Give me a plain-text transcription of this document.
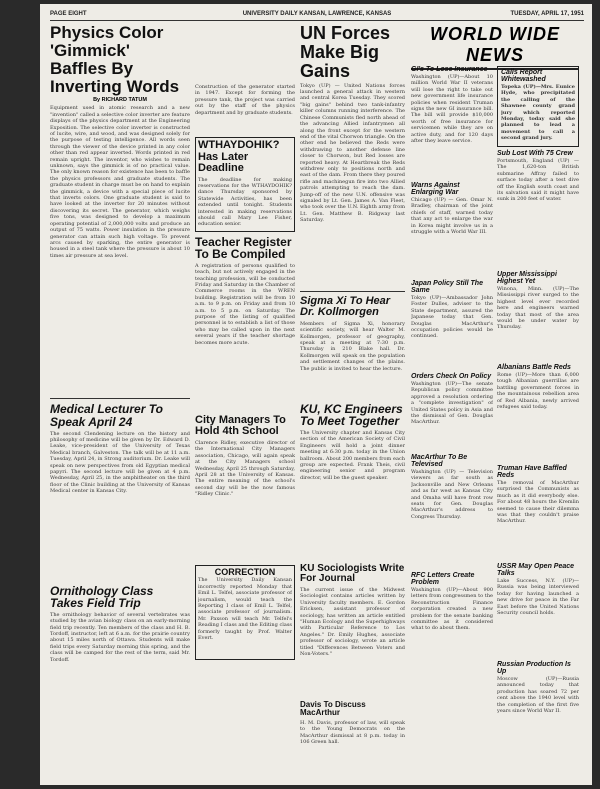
PAGE EIGHT	UNIVERSITY DAILY KANSAN, LAWRENCE, KANSAS	TUESDAY, APRIL 17, 1951
Physics Color 'Gimmick' Baffles By Inverting Words
By RICHARD TATUM
Equipment used in atomic research and a new "invention" called a selective color inverter are feature displays of the physics department at the Engineering Exposition. The selective color inverter is constructed of lucite, wire, and wood, and was designed solely for the purpose of testing intelligence. All words seen through the viewer of the device printed in any color other than red appear inverted. Words printed in red remain upright. The inventor, who wishes to remain unknown, says the gimmick is of no practical value. The only known reason for existence has been to baffle the physics professors and graduate students. The graduate student in charge must be on hand to explain the gimmick, a device with a special piece of lucite that inverts colors. One graduate student is said to have looked at the inverter for 20 minutes without discovering its secret. The generator, which weighs five tons, was designed to develop a maximum operating potential of 2,000,000 volts and produce an output of 75 watts. Power insulation in the pressure generator can attain such high voltage. To prevent arcs caused by sparking, the entire generator is housed in a steel tank where the pressure is about 10 times air pressure at sea level.
Medical Lecturer To Speak April 24
The second Clendening lecture on the history and philosophy of medicine will be given by Dr. Edward D. Leake, vice-president of the University of Texas Medical branch, Galveston. The talk will be at 11 a.m. Tuesday, April 24, in Strong auditorium. Dr. Leake will speak on new perspectives from old Egyptian medical papyri. The second lecture will be given at 4 p.m. Wednesday, April 25, in the amphitheater on the third floor of the Clinic building at the University of Kansas Medical center in Kansas City.
Ornithology Class Takes Field Trip
The ornithology behavior of several vertebrates was studied by the avian biology class on an early-morning field trip recently. Ten members of the class and H. B. Tordoff, instructor, left at 6 a.m. for the prairie country about 15 miles north of Ottawa. Students will make field trips every Saturday morning this spring, and the class will be camped for the rest of the term, said Mr. Tordoff.
Construction of the generator started in 1947. Except for forming the pressure tank, the project was carried out by the staff of the physics department and by graduate students.
WTHAYDOHIK? Has Later Deadline
The deadline for making reservations for the WTHAYDOHIK? dance Thursday sponsored by Statewide Activities, has been extended until tonight. Students interested in making reservations should call Mary Lee Fisher, education senior.
Teacher Register To Be Compiled
A registration of persons qualified to teach, but not actively engaged in the teaching profession, will be conducted Friday and Saturday in the Chamber of Commerce rooms in the WREN building. Registration will be from 10 a.m. to 9 p.m. on Friday and from 10 a.m. to 5 p.m. on Saturday. The purpose of the listing of qualified personnel is to establish a list of those who may be called upon in the next several years if the teacher shortage becomes more acute.
City Managers To Hold 4th School
Clarence Ridley, executive director of the International City Managers association, Chicago, will again speak at the City Managers school Wednesday, April 25 through Saturday, April 28 at the University of Kansas. The entire meaning of the school's second day will be the now famous "Ridley Clinic."
CORRECTION
The University Daily Kansan incorrectly reported Monday that Emil L. Telfel, associate professor of journalism, would teach the Reporting I class of Emil L. Telfel, associate professor of journalism. Mr. Paxson will teach Mr. Telfel's Reading I class and the Editing class formerly taught by Prof. Walter Evert.
UN Forces Make Big Gains
Tokyo (UP) — United Nations forces launched a general attack in western and central Korea Tuesday. They scored "big gains" behind two tank-infantry killer columns running interference. The Chinese Communists fled north ahead of the advancing Allied infantrymen all along the front except for the western end of the vital Chorwon triangle. On the other end he believed the Reds were withdrawing to another defense line closer to Chorwon, but Red losses are reported heavy. At Heartbreak the Reds withdrew only to positions north and east of the dam. From there they poured rifle and machinegun fire into two Allied patrols attempting to reach the dam. Jump-off of the new U.N. offensive was signaled by Lt. Gen. James A. Van Fleet, who took over the U.N. Eighth army from Lt. Gen. Matthew B. Ridgway last Saturday.
Sigma Xi To Hear Dr. Kollmorgen
Members of Sigma Xi, honorary scientific society, will hear Walter M. Kollmorgen, professor of geography, speak at a meeting at 7:30 p.m. Thursday in 210 Blake hall. Dr. Kollmorgen will speak on the population and settlement changes of the plains. The public is invited to hear the lecture.
KU, KC Engineers To Meet Together
The University chapter and Kansas City section of the American Society of Civil Engineers will hold a joint dinner meeting at 6:30 p.m. today in the Union ballroom. About 200 members from each group are expected. Frank Theis, civil engineering senior and program director, will be the guest speaker.
KU Sociologists Write For Journal
The current issue of the Midwest Sociologist contains articles written by University faculty members. E. Gordon Ericksen, assistant professor of sociology, has written an article entitled "Human Ecology and the Superhighways with Particular Reference to Los Angeles." Dr. Emily Hughes, associate professor of sociology, wrote an article titled "Differences Between Voters and Non-Voters."
Davis To Discuss MacArthur
H. M. Davis, professor of law, will speak to the Young Democrats on the MacArthur dismissal at 8 p.m. today in 106 Green hall.
WORLD WIDE NEWS
GI's To Lose Insurance
Washington (UP)—About 10 million World War II veterans will lose the right to take out new government life insurance policies when resident Truman signs the new GI insurance bill. The bill will provide $10,000 worth of free insurance for servicemen while they are on active duty, and for 120 days after they leave service.
Warns Against Enlarging War
Chicago (UP) — Gen. Omar N. Bradley, chairman of the joint chiefs of staff, warned today that any act to enlarge the war in Korea might involve us in a struggle with a World War III.
Japan Policy Still The Same
Tokyo (UP)—Ambassador John Foster Dulles, adviser to the State department, assured the Japanese today that Gen. Douglas MacArthur's occupation policies would be continued.
Orders Check On Policy
Washington (UP)—The senate Republican policy committee approved a resolution ordering a "complete investigation" of United States policy in Asia and the dismissal of Gen. Douglas MacArthur.
MacArthur To Be Televised
Washington (UP) — Television viewers as far south as Jacksonville and New Orleans and as far west as Kansas City and Omaha will have front row seats for Gen. Douglas MacArthur's address to Congress Thursday.
RFC Letters Create Problem
Washington (UP)—About 900 letters from congressmen to the Reconstruction Finance corporation created a new problem for the senate banking committee as it considered what to do about them.
Calls Report Whitewashed
Topeka (UP)—Mrs. Eunice Hyde, who precipitated the calling of the Shawnee county grand jury which reported Monday, today said she planned to lead a movement to call a second grand jury.
Sub Lost With 75 Crew
Portsmouth, England (UP) — The 1,620-ton British submarine Affray failed to surface today after a test dive off the English south coast and its salvation said it might have sunk in 200 feet of water.
Upper Mississippi Highest Yet
Winona, Minn. (UP)—The Mississippi river surged to the highest level ever recorded here and engineers warned today that most of the area would be under water by Thursday.
Albanians Battle Reds
Rome (UP)—More than 6,000 tough Albanian guerrillas are battling government forces in the mountainous rebellion area of Red Albania, newly arrived refugees said today.
Truman Have Baffled Reds
The removal of MacArthur surprised the Communists as much as it did everybody else. For about 48 hours the Kremlin seemed to cause their dilemma was that they couldn't praise MacArthur.
USSR May Open Peace Talks
Lake Success, N.Y. (UP)—Russia was being interviewed today for having launched a new drive for peace in the Far East before the United Nations Security council holds.
Russian Production Is Up
Moscow (UP)—Russia announced today that production has soared 72 per cent above the 1940 level with the completion of the first five years since World War II.
